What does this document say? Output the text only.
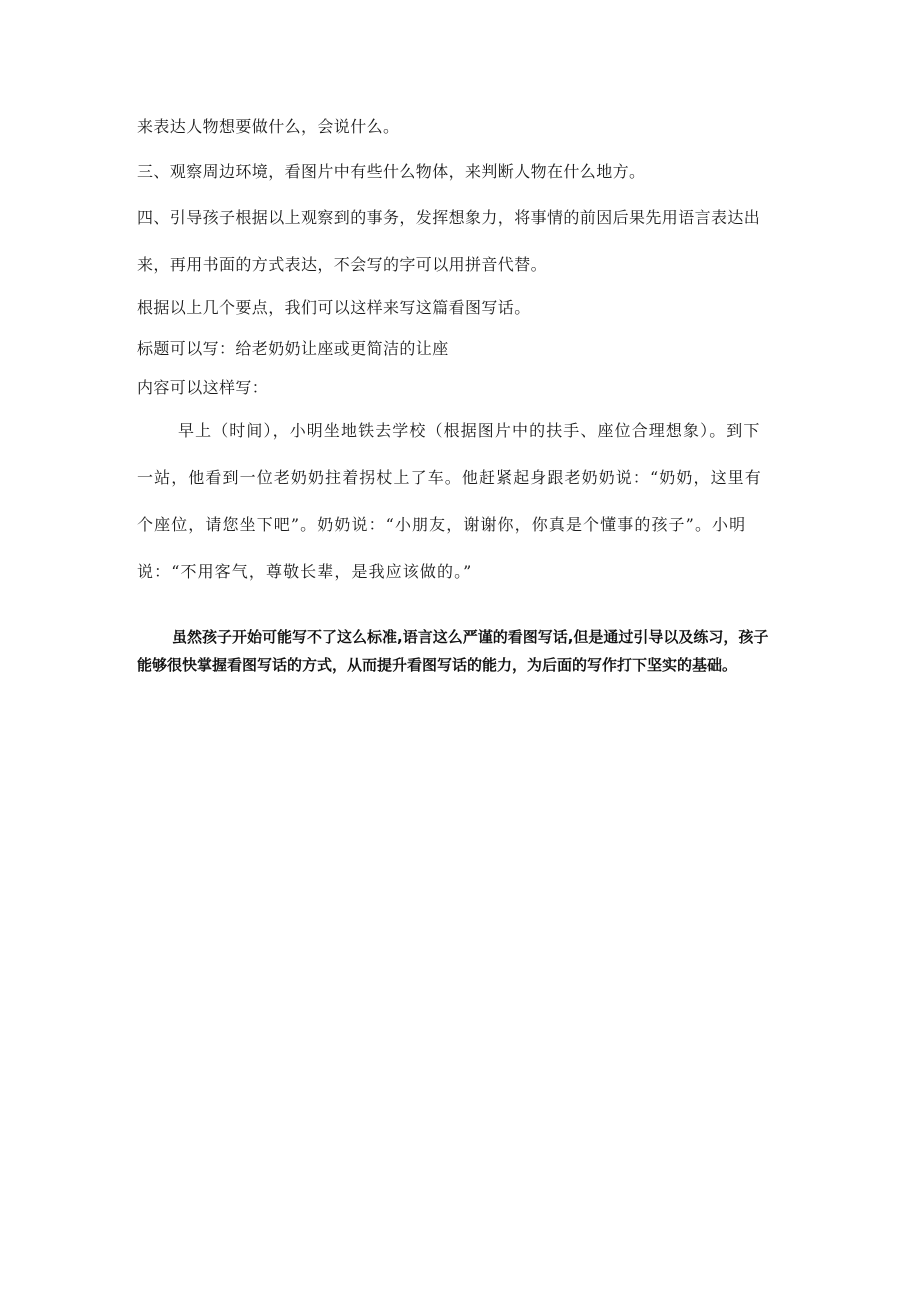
来表达人物想要做什么，会说什么。
三、观察周边环境，看图片中有些什么物体，来判断人物在什么地方。
四、引导孩子根据以上观察到的事务，发挥想象力，将事情的前因后果先用语言表达出
来，再用书面的方式表达，不会写的字可以用拼音代替。
根据以上几个要点，我们可以这样来写这篇看图写话。
标题可以写：给老奶奶让座或更简洁的让座
内容可以这样写：
早上（时间），小明坐地铁去学校（根据图片中的扶手、座位合理想象）。到下
一站，他看到一位老奶奶拄着拐杖上了车。他赶紧起身跟老奶奶说：“奶奶，这里有
个座位，请您坐下吧”。奶奶说：“小朋友，谢谢你，你真是个懂事的孩子”。小明
说：“不用客气，尊敬长辈，是我应该做的。”
虽然孩子开始可能写不了这么标准,语言这么严谨的看图写话,但是通过引导以及练习，孩子
能够很快掌握看图写话的方式，从而提升看图写话的能力，为后面的写作打下坚实的基础。
